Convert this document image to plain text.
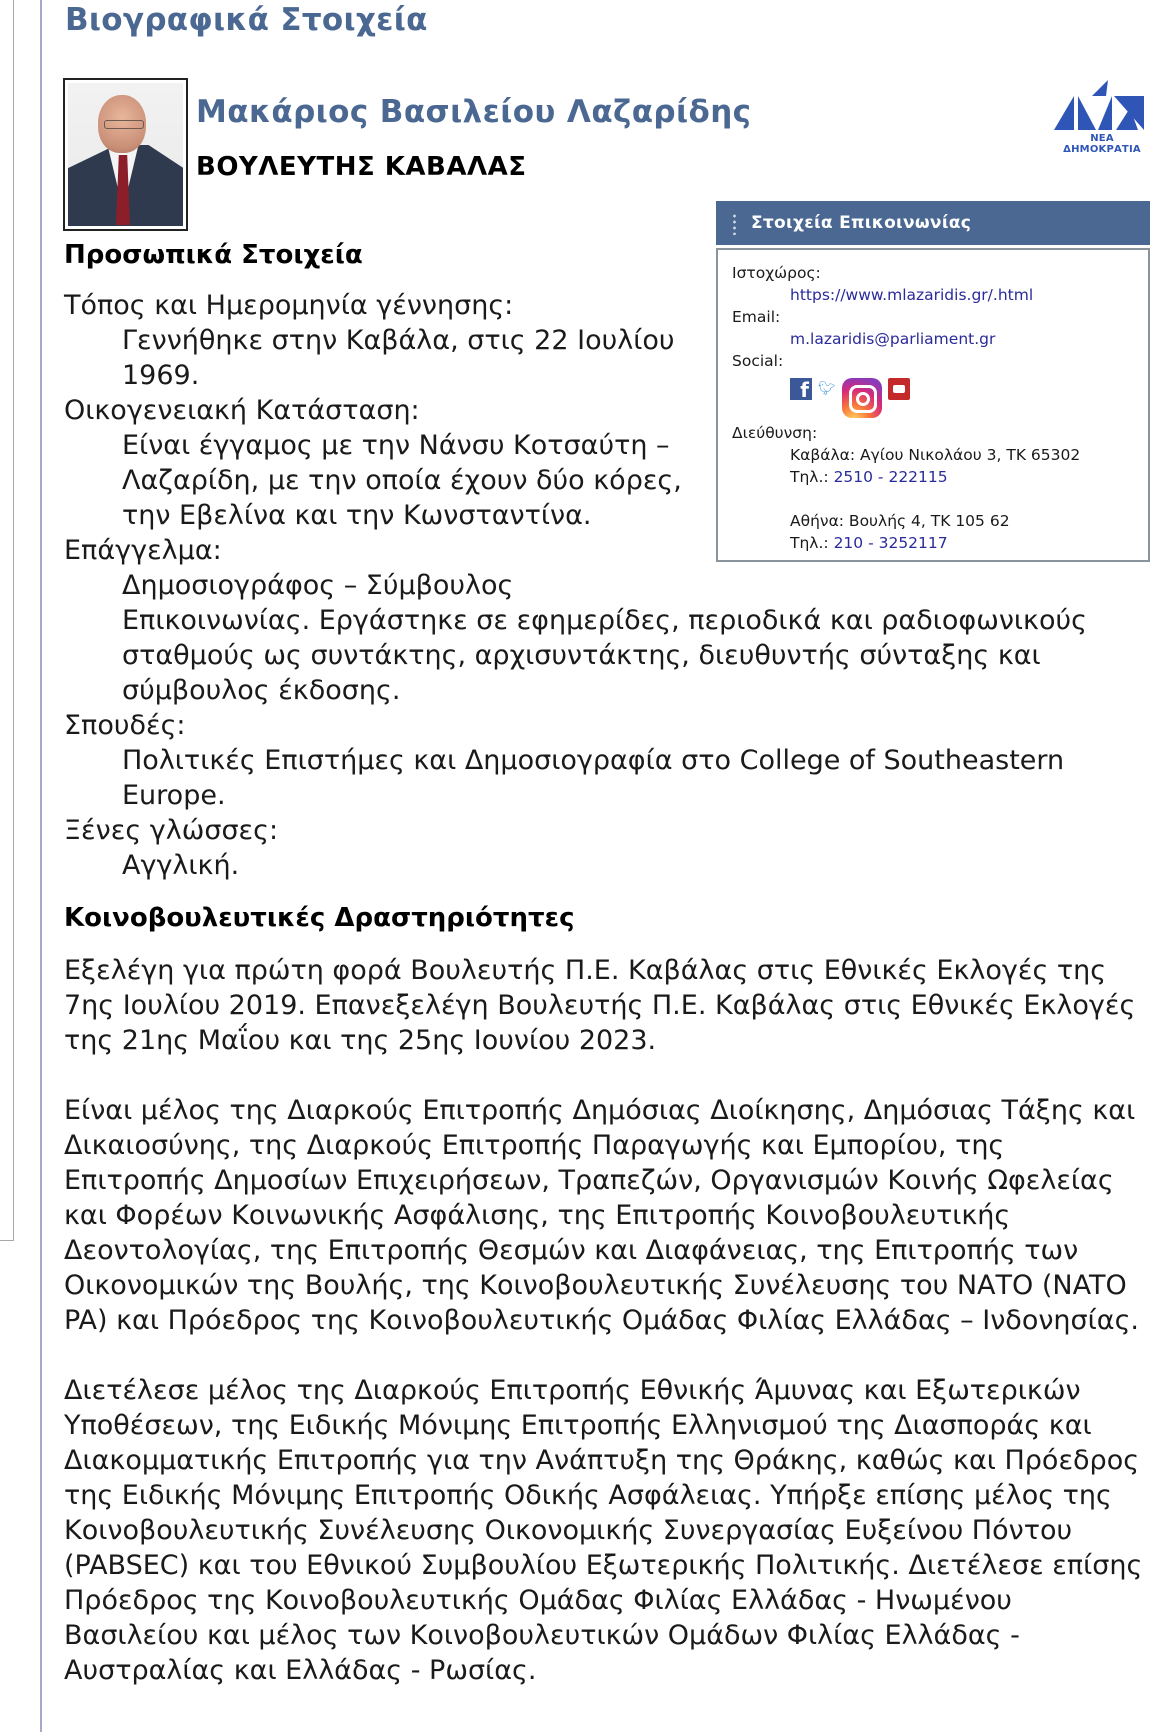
Βιογραφικά Στοιχεία
Μακάριος Βασιλείου Λαζαρίδης
ΒΟΥΛΕΥΤΗΣ ΚΑΒΑΛΑΣ
ΝΕΑ ΔΗΜΟΚΡΑΤΙΑ
Στοιχεία Επικοινωνίας

Ιστοχώρος:

https://www.mlazaridis.gr/.html

Email:

m.lazaridis@parliament.gr

Social:

f 🐦︎

Διεύθυνση:

Καβάλα: Αγίου Νικολάου 3, ΤΚ 65302

Τηλ.: 2510 - 222115

Αθήνα: Βουλής 4, ΤΚ 105 62

Τηλ.: 210 - 3252117

Προσωπικά Στοιχεία

Τόπος και Ημερομηνία γέννησης:

Γεννήθηκε στην Καβάλα, στις 22 Ιουλίου

1969.

Οικογενειακή Κατάσταση:

Είναι έγγαμος με την Νάνσυ Κοτσαύτη –

Λαζαρίδη, με την οποία έχουν δύο κόρες,

την Εβελίνα και την Κωνσταντίνα.

Επάγγελμα:

Δημοσιογράφος – Σύμβουλος

Επικοινωνίας. Εργάστηκε σε εφημερίδες, περιοδικά και ραδιοφωνικούς σταθμούς ως συντάκτης, αρχισυντάκτης, διευθυντής σύνταξης και σύμβουλος έκδοσης.

Σπουδές:

Πολιτικές Επιστήμες και Δημοσιογραφία στο College of Southeastern Europe.

Ξένες γλώσσες:

Αγγλική.

Κοινοβουλευτικές Δραστηριότητες

Εξελέγη για πρώτη φορά Βουλευτής Π.Ε. Καβάλας στις Εθνικές Εκλογές της 7ης Ιουλίου 2019. Επανεξελέγη Βουλευτής Π.Ε. Καβάλας στις Εθνικές Εκλογές της 21ης Μαΐου και της 25ης Ιουνίου 2023.

Είναι μέλος της Διαρκούς Επιτροπής Δημόσιας Διοίκησης, Δημόσιας Τάξης και Δικαιοσύνης, της Διαρκούς Επιτροπής Παραγωγής και Εμπορίου, της Επιτροπής Δημοσίων Επιχειρήσεων, Τραπεζών, Οργανισμών Κοινής Ωφελείας και Φορέων Κοινωνικής Ασφάλισης, της Επιτροπής Κοινοβουλευτικής Δεοντολογίας, της Επιτροπής Θεσμών και Διαφάνειας, της Επιτροπής των Οικονομικών της Βουλής, της Κοινοβουλευτικής Συνέλευσης του ΝΑΤΟ (NATO PA) και Πρόεδρος της Κοινοβουλευτικής Ομάδας Φιλίας Ελλάδας – Ινδονησίας.

Διετέλεσε μέλος της Διαρκούς Επιτροπής Εθνικής Άμυνας και Εξωτερικών Υποθέσεων, της Ειδικής Μόνιμης Επιτροπής Ελληνισμού της Διασποράς και Διακομματικής Επιτροπής για την Ανάπτυξη της Θράκης, καθώς και Πρόεδρος της Ειδικής Μόνιμης Επιτροπής Οδικής Ασφάλειας. Υπήρξε επίσης μέλος της Κοινοβουλευτικής Συνέλευσης Οικονομικής Συνεργασίας Ευξείνου Πόντου (PABSEC) και του Εθνικού Συμβουλίου Εξωτερικής Πολιτικής. Διετέλεσε επίσης Πρόεδρος της Κοινοβουλευτικής Ομάδας Φιλίας Ελλάδας - Ηνωμένου Βασιλείου και μέλος των Κοινοβουλευτικών Ομάδων Φιλίας Ελλάδας - Αυστραλίας και Ελλάδας - Ρωσίας.
